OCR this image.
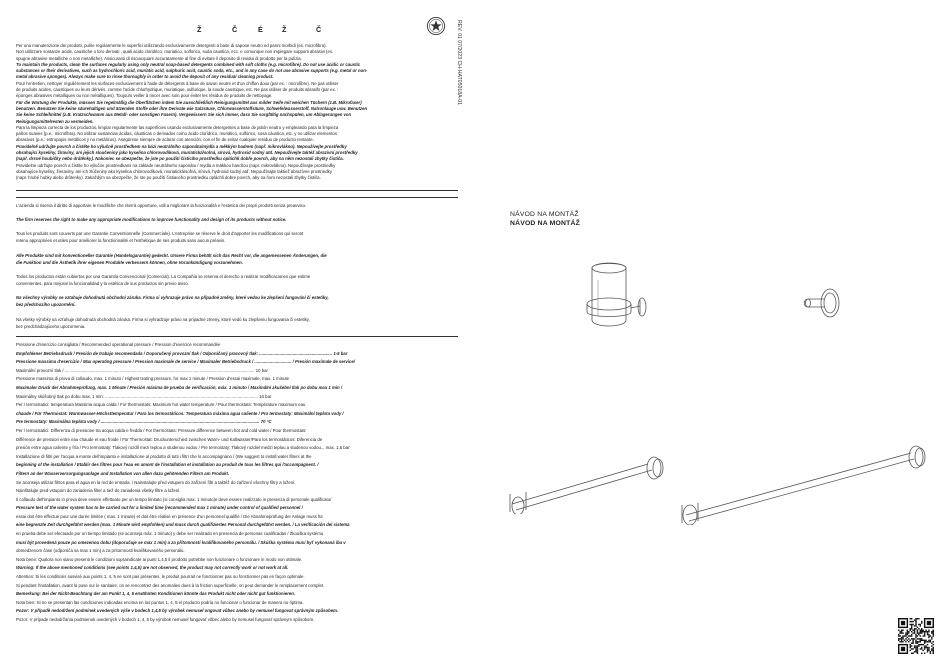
Ž	Č	É	Ž	Č	REV. 01 07/2023 CH-HAT05018A-01
Per una manutenzione dei prodotti, pulire regolarmente le superfici utilizzando esclusivamente detergenti a base di sapone neutro ed panni morbidi (es. microfibra).
Non utilizzare sostanze acide, caustiche o loro derivati , quali acido cloridrico, muriatico, solforico, soda caustica, ecc. e comunque non impiegare supporti abrasivi (es.
spugne abrasive metalliche o non metalliche). Assicurarsi di risciacquare accuratamente al fine di evitare il deposito di residui di prodotto per la pulizia.
To maintain the products, clean the surfaces regularly using only neutral soap-based detergents combined with soft cloths (e.g. microfibre). Do not use acidic or caustic
substances or their derivatives, such as hydrochloric acid, muriatic acid, sulphuric acid, caustic soda, etc., and in any case do not use abrasive supports (e.g. metal or non-
metal abrasive sponges). Always make sure to rinse thoroughly in order to avoid the deposit of any residual cleaning product.
Pour l'entretien, nettoyer régulièrement les surfaces exclusivement à l'aide de détergents à base de savon neutre et d'un chiffon doux (par ex. : microfibre). Ne pas utiliser
de produits acides, caustiques ou leurs dérivés, comme l'acide chlorhydrique, muriatique, sulfurique, la soude caustique, etc. Ne pas utiliser de produits abrasifs (par ex. :
éponges abrasives métalliques ou non métalliques). Toujours veiller à rincer avec soin pour éviter les résidus de produits de nettoyage.
Für die Wartung der Produkte, müssen Sie regelmäßig die Oberflächen indem Sie ausschließlich Reinigungsmittel aus milder Seife mit weichen Tüchern (z.B. Mikrofaser)
benutzen. Benutzen Sie keine säurehaltigen und ätzenden Stoffe oder ihre Derivate wie Salzsäure, Chlorwasserstoffsäure, Schwefelwasserstoff, Natronlauge usw. Benutzen
Sie keine Schleifmittel (z.B. Kratzschwamm aus Metall- oder sonstigen Fasern). Vergewissern Sie sich immer, dass Sie sorgfältig nachspülen, um Ablagerungen von
Reinigungsmittelresten zu vermeiden.
Para la limpieza correcta de los productos, limpiar regularmente las superficies usando exclusivamente detergentes a base de jabón neutro y empleando para la limpieza
paños suaves (p.e.: microfibra). No utilizar sustancias ácidas, cáusticas o derivados como ácido clorídrico, muriático, sulfúrico, sosa cáustica, etc. y no utilizar elementos
abrasivos (p.e.: estropajos metálicos y no metálicos). Asegúrese siempre de aclarar con atención, con el fin de evitar cualquier residuo de producto restante.
Pravidelně udržujte povrch a čistěte ho výlučně prostředkem na bázi neutrálního saponátu/mýdla a měkkým hadrem (např. mikrovlákno). Nepoužívejte prostředky
obsahující kyseliny, žíraviny, ani jejich sloučeniny jako kyselina chlorovodíková, muriatická/solná, sírová, hydroxid sodný atd. Nepoužívejte taktéž abrazivní prostředky
(např. drsné houbičky nebo drátěnky). Nakoniec se ubezpečte, že jste po použití čisticího prostředku opláchli dobře povrch, aby na něm nezostali zbytky čističa.
Pravidelne udržujte povrch a čistite ho výlučne prostriedkami na základe neutrálneho saponátu / mydla a mäkkou handrou (napr. mikrovlákno). Nepoužívajte prostriedky
obsahujúce kyseliny, žieraviny, ani ich zlúčeniny ako kyselina chlorovodíková, muriatická/soľná, sírová, hydroxid sodný atď. Nepoužívajte taktiež abrazívne prostriedky
(napr. hrubé hubky alebo drôtenky). Zakaždým sa ubezpečte, že ste po použití čistiaceho prostriedku opláchli dobre povrch, aby na ňom nezostali zbytky čističa.
L'azienda si riserva il diritto di apportare le modifiche che riterrà opportune, utili a migliorare la funzionalità e l'estetica dei propri prodotti senza preavviso.
The firm reserves the right to make any appropriate modifications to improve functionality and design of its products without notice.
Tous les produits sont couverts par une Garantie Conventionnelle (Commerciale). L'entreprise se réserve le droit d'apporter les modifications qui seront
retenu appropriées et utiles pour améliorer la fonctionnalité et l'esthétique de ses produits sans aucun préavis.
Alle Produkte sind mit konventioneller Garantie (Handelsgarantie) gedeckt. Unsere Firma behält sich das Recht vor, die angemessenen Änderungen, die
die Funktion und die Ästhetik ihrer eigenen Produkte verbessern können, ohne Vorankündigung vorzunehmen.
Todos los productos están cubiertos por una Garantía Convencional (Comercial). La Compañía se reserva el derecho a realizar modificaciones que estime
convenientes, para mejorar la funcionalidad y la estética de sus productos sin previo aviso.
Na všechny výrobky se vztahuje dohodnutá obchodní záruka. Firma si vyhrazuje právo na případné změny, které vedou ke zlepšení fungování či estetiky,
bez předchozího upozornění.
Na všetky výrobky sa vzťahuje dohodnutá obchodná záruka. Firma si vyhradzuje právo na prípadné zmeny, ktoré vedú ku zlepšeniu fungovania či estetiky,
bez predchádzajúceho upozornenia.
Pressione d'esercizio consigliata / Recommended operational pressure / Pression d'exercice recommandée
Empfohlener Betriebsdruck / Presión de trabajo recomendada / Doporučený provozní tlak / Odporúčaný pracovný tlak: ............................................................. 1-5 bar
Pressione massima d'esercizio / Max operating pressure / Pression maximale de service / Maximaler Betriebsdruck / ............................... / Presión maximale de service/
Maximální provozní tlak / ............................................................................................................................................................... 10 bar
Pressione massima di prova di collaudo, max. 1 minuto / Highest testing pressure, for max 1 minute / Pression d'essai maximale, max. 1 minute
Maximaler Druck der Abnahmeprüfung, max. 1 Minute / Presión máxima de prueba de verificación, máx. 1 minuto / Maximální zkušební tlak po dobu max 1 min /
Maximálny skúšobný tlak po dobu max. 1 min: ................................................................................................................................ 16 bar
Per / termostatici: temperatura Massima acqua calda / For thermostats: Maximum hot water temperature / Pour thermostats: Température maximum eau
chaude / Für Thermostat: Warmwasser-Höchsttemperatur / Para los termostáticos: Temperatura máxima agua caliente / Pro termostaty: Maximální teplota vody /
Pre termostaty: Maximálna teplota vody / ..................................................................................................................................... 70 °C
Per / termostatici: Differenza di pressione tra acqua calda e fredda / For thermostats: Pressure difference between hot and cold water / Pour thermostats:
Différence de pression entre eau chaude et eau froide / Für Thermostat: Druckunterschied zwischen Warm- und Kaltwasser/Para los termostáticos: Diferencia de
presión entre agua caliente y fría / Pro termostaty: Tlakový rozdíl mezi teplou a studenou vodou / Pre termostaty: Tlakový rozdiel medzi teplou a studenou vodou... max. 1,5 bar
Installazione di filtri per l'acqua a monte dell'impianto e installazione al prodotto di tutti i filtri che lo accompagnano / (We suggest to install water filters at the
beginning of the installation / Etablir des filtres pour l'eau en amont de l'installation et installation au produit de tous les filtres qui l'accompagnent. /
Filtern an der Wasserversorgungsanlage und Installation von allen dazu gehörenden Filtern am Produkt.
Se aconseja utilizar filtros para el agua en la red de entrada. / Nainstalujte před vstupem do zařízení filtr a taktéž do zařízení všechny filtry a ložení.
Nainštalujte pred vstupom do zariadenia filter a tiež do zariadenia všetky filtre a ložení.
Il collaudo dell'impianto in prova deve essere effettuato per un tempo limitato (si consiglia max. 1 minuto)e deve essere realizzato in presenza di personale qualificato/
Pressure test of the water system has to be carried out for a limited time (recommended max 1 minute) under control of qualified personnel /
essai doit être effectué pour une durée limitée ( max. 1 minute) et doit être réalisé en présence d'un personnel qualifié / Die Abnahmeprüfung der Anlage muss für
eine begrenzte Zeit durchgeführt werden (max. 1 Minute wird empfohlen) und muss durch qualifiziertes Personal durchgeführt werden. / La verificación del sistema
en prueba debe ser efectuado por un tiempo limitado (se aconseja máx. 1 minuto) y debe ser realizado en presencia de personas cualificadas / Zkouška systému
musí být provedená pouze po omezenou dobu (doporučuje se max 1 min) a za přítomnosti kvalifikovaného personálu. / Skúška systému musí byť vykonaná iba v
obmedzenom čase (odporúča sa max 1 min) a za prítomnosti kvalifikovaného personálu.
Nota bene: Qualora non siano presenti le condizioni sopraindicate ai punti 1,4,5 il prodotto potrebbe non funzionare o funzionare in modo non ottimale.
Warning: If the above mentioned conditions (see points 1,4,5) are not observed, the product may not correctly work or not work at all.
Attention: Si les conditions susvisé aux points 1, 4, 5 ne sont pas présentes, le produit pourrait ne fonctionner pas ou fonctionner pas en façon optimale.
Si pendant l'installation, avant la pose sur le sanitaire, on se rencontrez des anomalies dues à la friction superficielle, on peut demander le remplacement complet.
Bemerkung: Bei der Nicht-Beachtung der am Punkt 1, 4, 5 erwähnten Konditionen könnte das Produkt nicht oder nicht gut funktionieren.
Nota bien: Si no se presentan las condiciones indicadas encima en los puntos 1, 4, 5 el producto podría no funcionar o funcionar de manera no óptima.
Pozor: V případě nedodržení podmínek uvedených výše v bodech 1,4,5 by výrobek nemusel ongovat vůbec anebo by nemusel fungovat správným způsobem.
Pozor: V prípade nedodržania podmienok uvedených v bodoch 1, 4, 5 by výrobok nemusel fungovať vôbec alebo by nemusel fungovať správnym spôsobom.
NÁVOD NA MONTÁŽ
NÁVOD NA MONTÁŽ
